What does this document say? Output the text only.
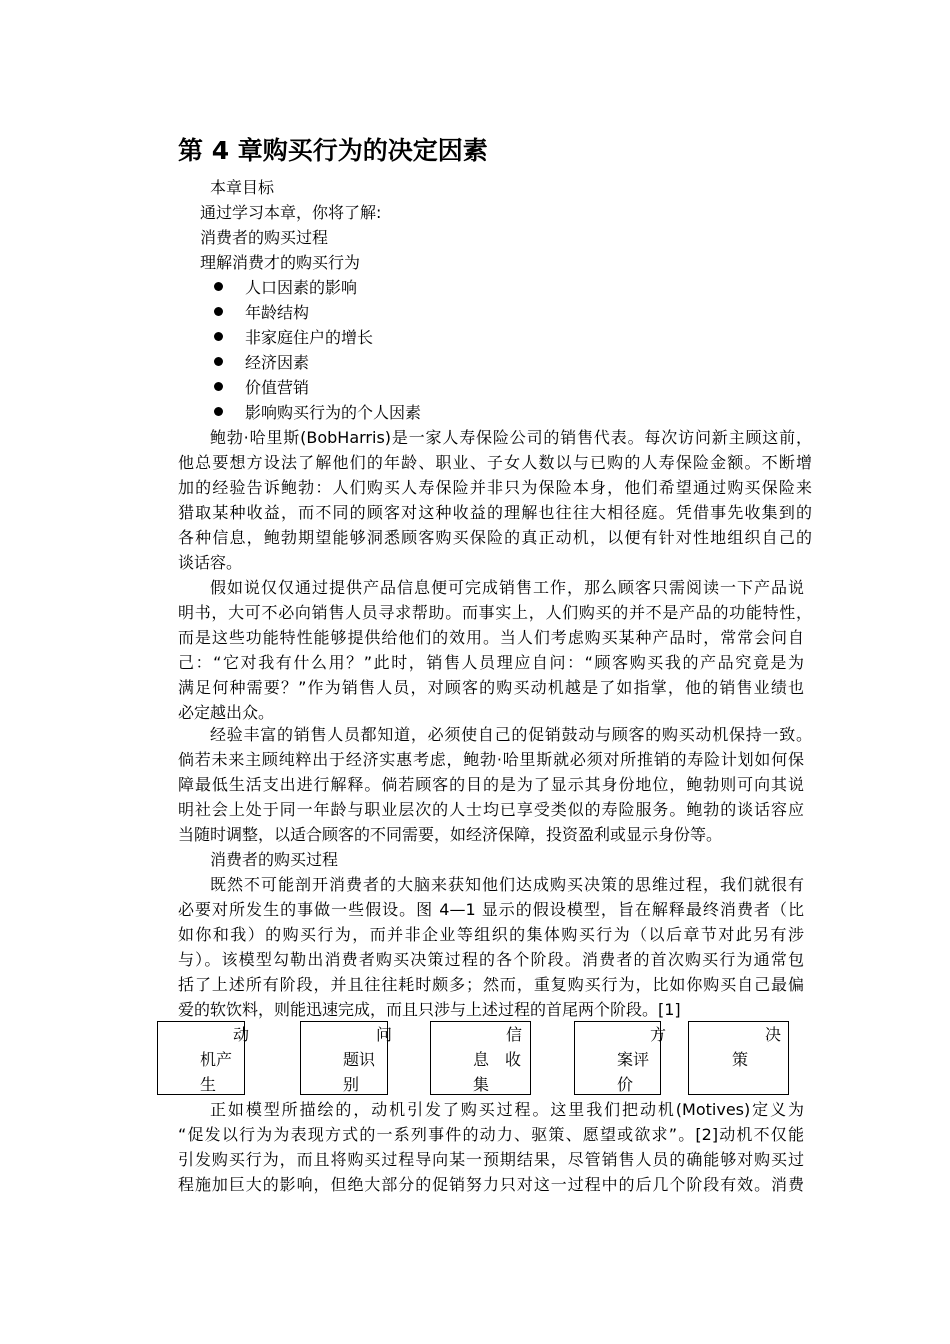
第 4 章购买行为的决定因素

本章目标

通过学习本章，你将了解:

消费者的购买过程

理解消费才的购买行为

人口因素的影响

年龄结构

非家庭住户的增长

经济因素

价值营销

影响购买行为的个人因素

鲍勃·哈里斯(BobHarris)是一家人寿保险公司的销售代表。每次访问新主顾这前，

他总要想方设法了解他们的年龄、职业、子女人数以与已购的人寿保险金额。不断增

加的经验告诉鲍勃：人们购买人寿保险并非只为保险本身，他们希望通过购买保险来

猎取某种收益，而不同的顾客对这种收益的理解也往往大相径庭。凭借事先收集到的

各种信息，鲍勃期望能够洞悉顾客购买保险的真正动机，以便有针对性地组织自己的

谈话容。

假如说仅仅通过提供产品信息便可完成销售工作，那么顾客只需阅读一下产品说

明书，大可不必向销售人员寻求帮助。而事实上，人们购买的并不是产品的功能特性，

而是这些功能特性能够提供给他们的效用。当人们考虑购买某种产品时，常常会问自

己：“它对我有什么用？”此时，销售人员理应自问：“顾客购买我的产品究竟是为

满足何种需要？”作为销售人员，对顾客的购买动机越是了如指掌，他的销售业绩也

必定越出众。

经验丰富的销售人员都知道，必须使自己的促销鼓动与顾客的购买动机保持一致。

倘若未来主顾纯粹出于经济实惠考虑，鲍勃·哈里斯就必须对所推销的寿险计划如何保

障最低生活支出进行解释。倘若顾客的目的是为了显示其身份地位，鲍勃则可向其说

明社会上处于同一年龄与职业层次的人士均已享受类似的寿险服务。鲍勃的谈话容应

当随时调整，以适合顾客的不同需要，如经济保障，投资盈利或显示身份等。

消费者的购买过程

既然不可能剖开消费者的大脑来获知他们达成购买决策的思维过程，我们就很有

必要对所发生的事做一些假设。图 4—1 显示的假设模型，旨在解释最终消费者（比

如你和我）的购买行为，而并非企业等组织的集体购买行为（以后章节对此另有涉

与）。该模型勾勒出消费者购买决策过程的各个阶段。消费者的首次购买行为通常包

括了上述所有阶段，并且往往耗时颇多；然而，重复购买行为，比如你购买自己最偏

爱的软饮料，则能迅速完成，而且只涉与上述过程的首尾两个阶段。[1]

动
机产
生
问
题识
别
信
息　收
集
方
案评
价
决
策

正如模型所描绘的，动机引发了购买过程。这里我们把动机(Motives)定义为

“促发以行为为表现方式的一系列事件的动力、驱策、愿望或欲求”。[2]动机不仅能

引发购买行为，而且将购买过程导向某一预期结果，尽管销售人员的确能够对购买过

程施加巨大的影响，但绝大部分的促销努力只对这一过程中的后几个阶段有效。消费
